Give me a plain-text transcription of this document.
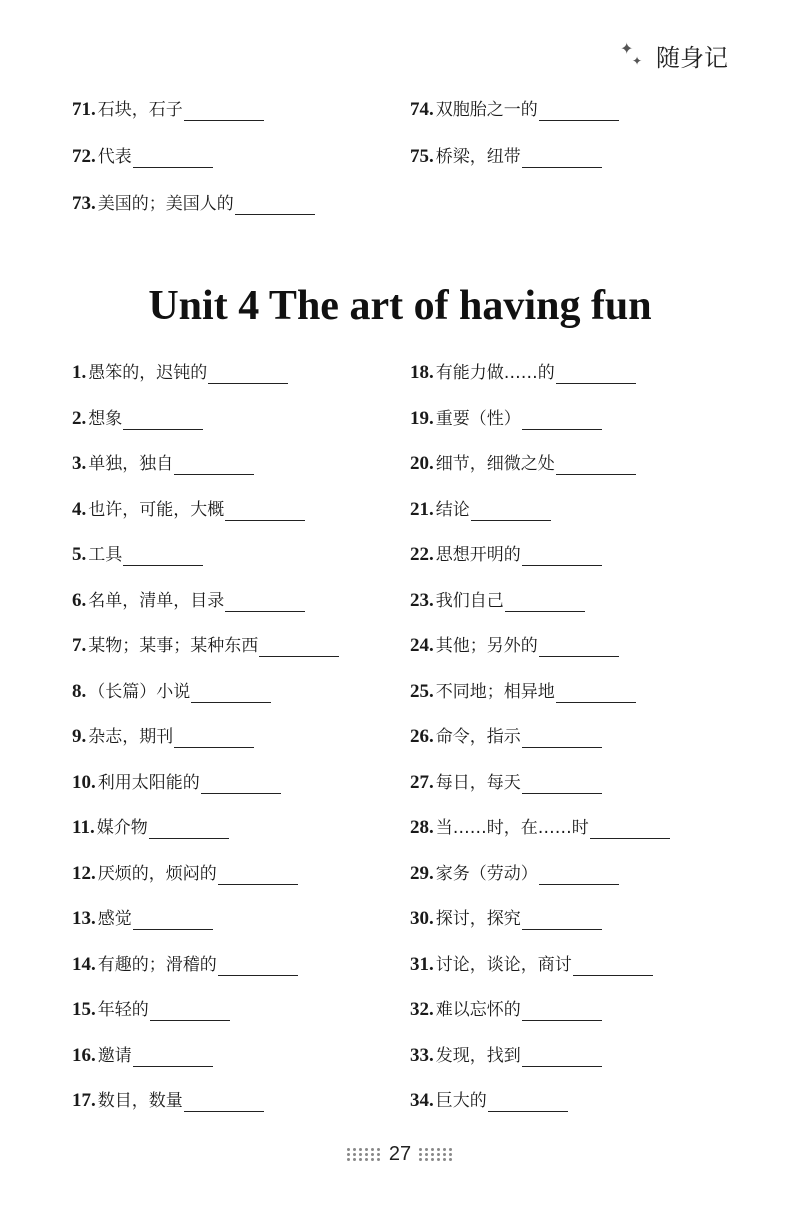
✦
✦ 随身记
71. 石块，石子
72. 代表
73. 美国的；美国人的
74. 双胞胎之一的
75. 桥梁，纽带
Unit 4 The art of having fun
1. 愚笨的，迟钝的
2. 想象
3. 单独，独自
4. 也许，可能，大概
5. 工具
6. 名单，清单，目录
7. 某物；某事；某种东西
8. （长篇）小说
9. 杂志，期刊
10. 利用太阳能的
11. 媒介物
12. 厌烦的，烦闷的
13. 感觉
14. 有趣的；滑稽的
15. 年轻的
16. 邀请
17. 数目，数量
18. 有能力做……的
19. 重要（性）
20. 细节，细微之处
21. 结论
22. 思想开明的
23. 我们自己
24. 其他；另外的
25. 不同地；相异地
26. 命令，指示
27. 每日，每天
28. 当……时，在……时
29. 家务（劳动）
30. 探讨，探究
31. 讨论，谈论，商讨
32. 难以忘怀的
33. 发现，找到
34. 巨大的
27
